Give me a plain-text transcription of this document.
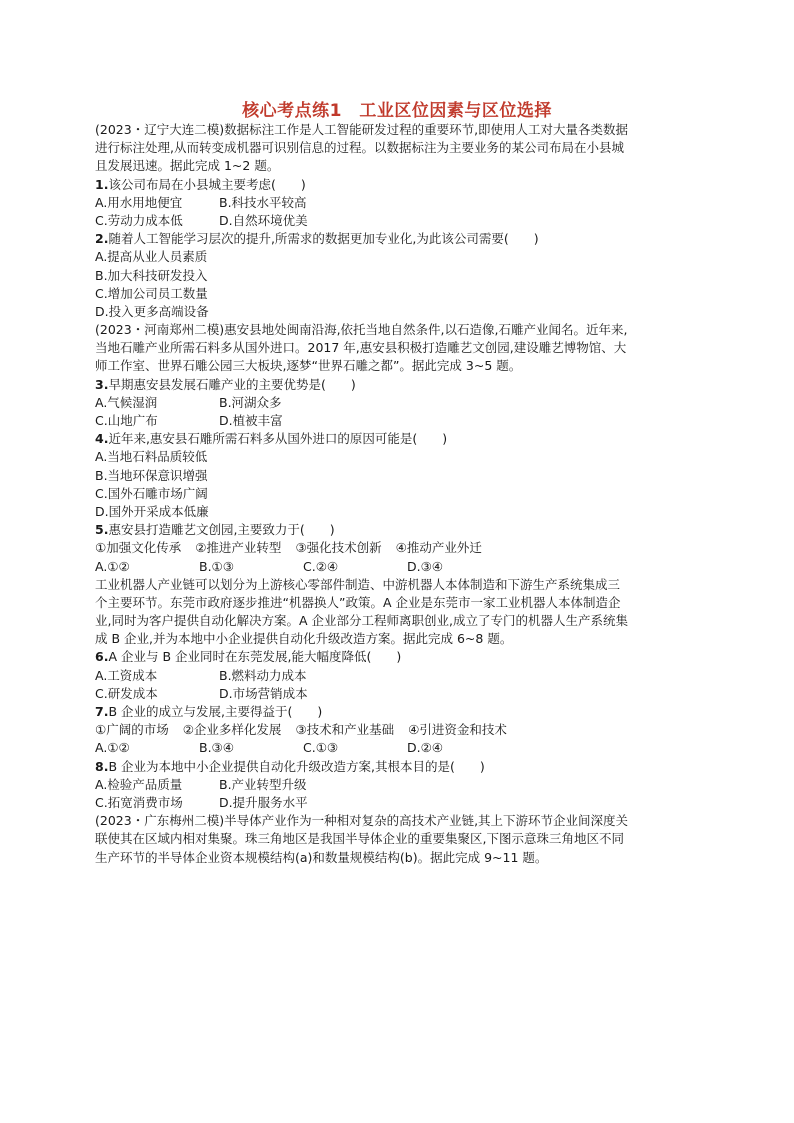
核心考点练1　工业区位因素与区位选择
(2023・辽宁大连二模)数据标注工作是人工智能研发过程的重要环节,即使用人工对大量各类数据
进行标注处理,从而转变成机器可识别信息的过程。以数据标注为主要业务的某公司布局在小县城
且发展迅速。据此完成 1~2 题。
1.该公司布局在小县城主要考虑(　　)
A.用水用地便宜	B.科技水平较高
C.劳动力成本低	D.自然环境优美
2.随着人工智能学习层次的提升,所需求的数据更加专业化,为此该公司需要(　　)
A.提高从业人员素质
B.加大科技研发投入
C.增加公司员工数量
D.投入更多高端设备
(2023・河南郑州二模)惠安县地处闽南沿海,依托当地自然条件,以石造像,石雕产业闻名。近年来,
当地石雕产业所需石料多从国外进口。2017 年,惠安县积极打造雕艺文创园,建设雕艺博物馆、大
师工作室、世界石雕公园三大板块,逐梦“世界石雕之都”。据此完成 3~5 题。
3.早期惠安县发展石雕产业的主要优势是(　　)
A.气候湿润	B.河湖众多
C.山地广布	D.植被丰富
4.近年来,惠安县石雕所需石料多从国外进口的原因可能是(　　)
A.当地石料品质较低
B.当地环保意识增强
C.国外石雕市场广阔
D.国外开采成本低廉
5.惠安县打造雕艺文创园,主要致力于(　　)
①加强文化传承 ②推进产业转型 ③强化技术创新 ④推动产业外迁
A.①②	B.①③	C.②④	D.③④
工业机器人产业链可以划分为上游核心零部件制造、中游机器人本体制造和下游生产系统集成三
个主要环节。东莞市政府逐步推进“机器换人”政策。A 企业是东莞市一家工业机器人本体制造企
业,同时为客户提供自动化解决方案。A 企业部分工程师离职创业,成立了专门的机器人生产系统集
成 B 企业,并为本地中小企业提供自动化升级改造方案。据此完成 6~8 题。
6.A 企业与 B 企业同时在东莞发展,能大幅度降低(　　)
A.工资成本	B.燃料动力成本
C.研发成本	D.市场营销成本
7.B 企业的成立与发展,主要得益于(　　)
①广阔的市场 ②企业多样化发展 ③技术和产业基础 ④引进资金和技术
A.①②	B.③④	C.①③	D.②④
8.B 企业为本地中小企业提供自动化升级改造方案,其根本目的是(　　)
A.检验产品质量	B.产业转型升级
C.拓宽消费市场	D.提升服务水平
(2023・广东梅州二模)半导体产业作为一种相对复杂的高技术产业链,其上下游环节企业间深度关
联使其在区域内相对集聚。珠三角地区是我国半导体企业的重要集聚区,下图示意珠三角地区不同
生产环节的半导体企业资本规模结构(a)和数量规模结构(b)。据此完成 9~11 题。
